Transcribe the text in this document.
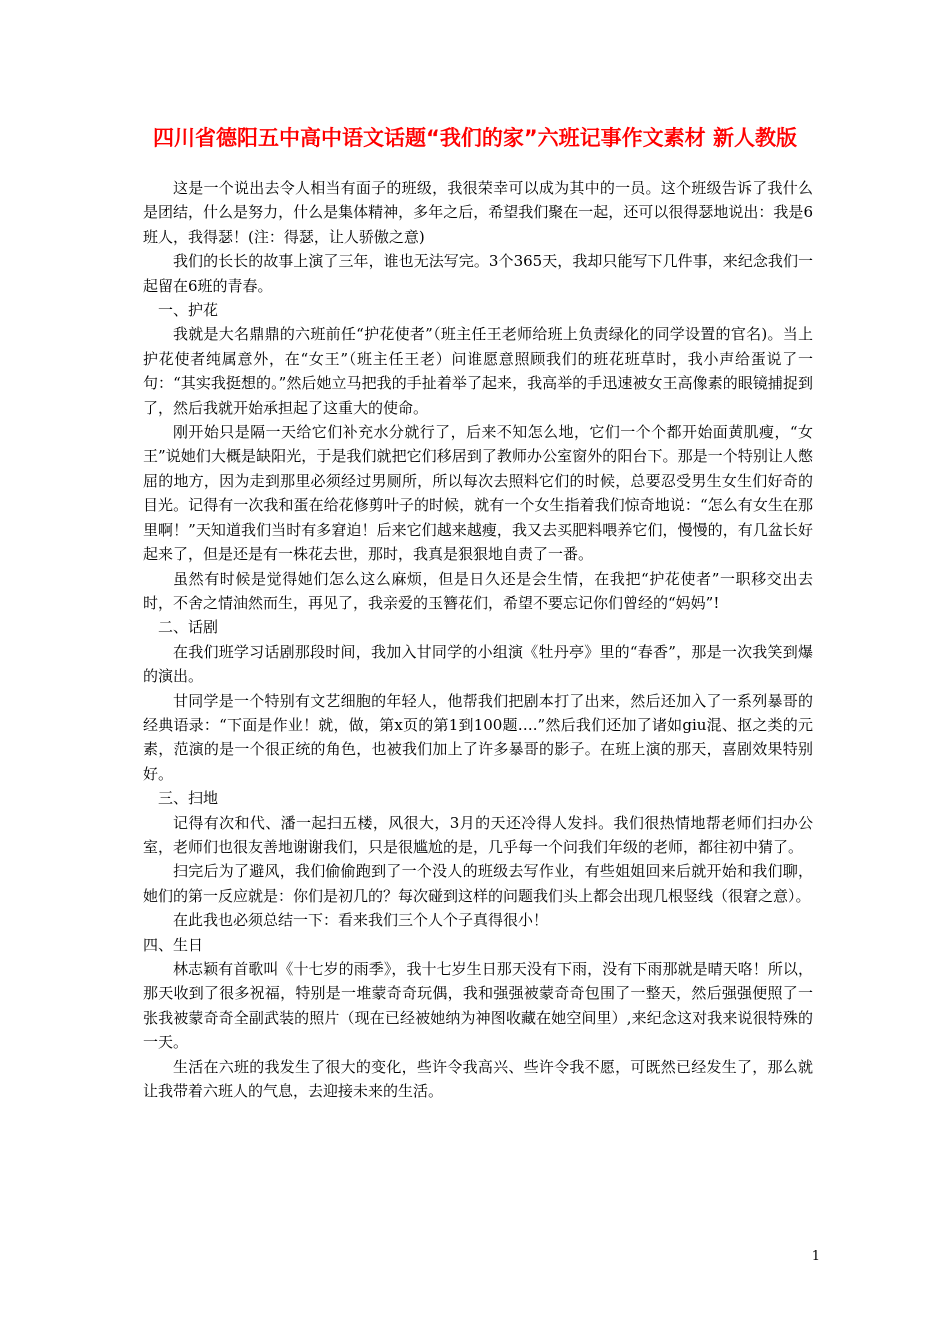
四川省德阳五中高中语文话题“我们的家”六班记事作文素材 新人教版

这是一个说出去令人相当有面子的班级，我很荣幸可以成为其中的一员。这个班级告诉了我什么是团结，什么是努力，什么是集体精神，多年之后，希望我们聚在一起，还可以很得瑟地说出：我是6班人，我得瑟！(注：得瑟，让人骄傲之意)

我们的长长的故事上演了三年，谁也无法写完。3个365天，我却只能写下几件事，来纪念我们一起留在6班的青春。

一、护花

我就是大名鼎鼎的六班前任“护花使者”（班主任王老师给班上负责绿化的同学设置的官名)。当上护花使者纯属意外，在“女王”（班主任王老）问谁愿意照顾我们的班花班草时，我小声给蛋说了一句：“其实我挺想的。”然后她立马把我的手扯着举了起来，我高举的手迅速被女王高像素的眼镜捕捉到了，然后我就开始承担起了这重大的使命。

刚开始只是隔一天给它们补充水分就行了，后来不知怎么地，它们一个个都开始面黄肌瘦，“女王”说她们大概是缺阳光，于是我们就把它们移居到了教师办公室窗外的阳台下。那是一个特别让人憋屈的地方，因为走到那里必须经过男厕所，所以每次去照料它们的时候，总要忍受男生女生们好奇的目光。记得有一次我和蛋在给花修剪叶子的时候，就有一个女生指着我们惊奇地说：“怎么有女生在那里啊！”天知道我们当时有多窘迫！后来它们越来越瘦，我又去买肥料喂养它们，慢慢的，有几盆长好起来了，但是还是有一株花去世，那时，我真是狠狠地自责了一番。

虽然有时候是觉得她们怎么这么麻烦，但是日久还是会生情，在我把“护花使者”一职移交出去时，不舍之情油然而生，再见了，我亲爱的玉簪花们，希望不要忘记你们曾经的“妈妈”!

二、话剧

在我们班学习话剧那段时间，我加入甘同学的小组演《牡丹亭》里的“春香”，那是一次我笑到爆的演出。

甘同学是一个特别有文艺细胞的年轻人，他帮我们把剧本打了出来，然后还加入了一系列暴哥的经典语录：“下面是作业！就，做，第x页的第1到100题….”然后我们还加了诸如giu混、抠之类的元素，范演的是一个很正统的角色，也被我们加上了许多暴哥的影子。在班上演的那天，喜剧效果特别好。

三、扫地

记得有次和代、潘一起扫五楼，风很大，3月的天还冷得人发抖。我们很热情地帮老师们扫办公室，老师们也很友善地谢谢我们，只是很尴尬的是，几乎每一个问我们年级的老师，都往初中猜了。

扫完后为了避风，我们偷偷跑到了一个没人的班级去写作业，有些姐姐回来后就开始和我们聊，她们的第一反应就是：你们是初几的？每次碰到这样的问题我们头上都会出现几根竖线（很窘之意）。

在此我也必须总结一下：看来我们三个人个子真得很小！

四、生日

林志颖有首歌叫《十七岁的雨季》，我十七岁生日那天没有下雨，没有下雨那就是晴天咯！所以，那天收到了很多祝福，特别是一堆蒙奇奇玩偶，我和强强被蒙奇奇包围了一整天，然后强强便照了一张我被蒙奇奇全副武装的照片（现在已经被她纳为神图收藏在她空间里）,来纪念这对我来说很特殊的一天。

生活在六班的我发生了很大的变化，些许令我高兴、些许令我不愿，可既然已经发生了，那么就让我带着六班人的气息，去迎接未来的生活。

1
